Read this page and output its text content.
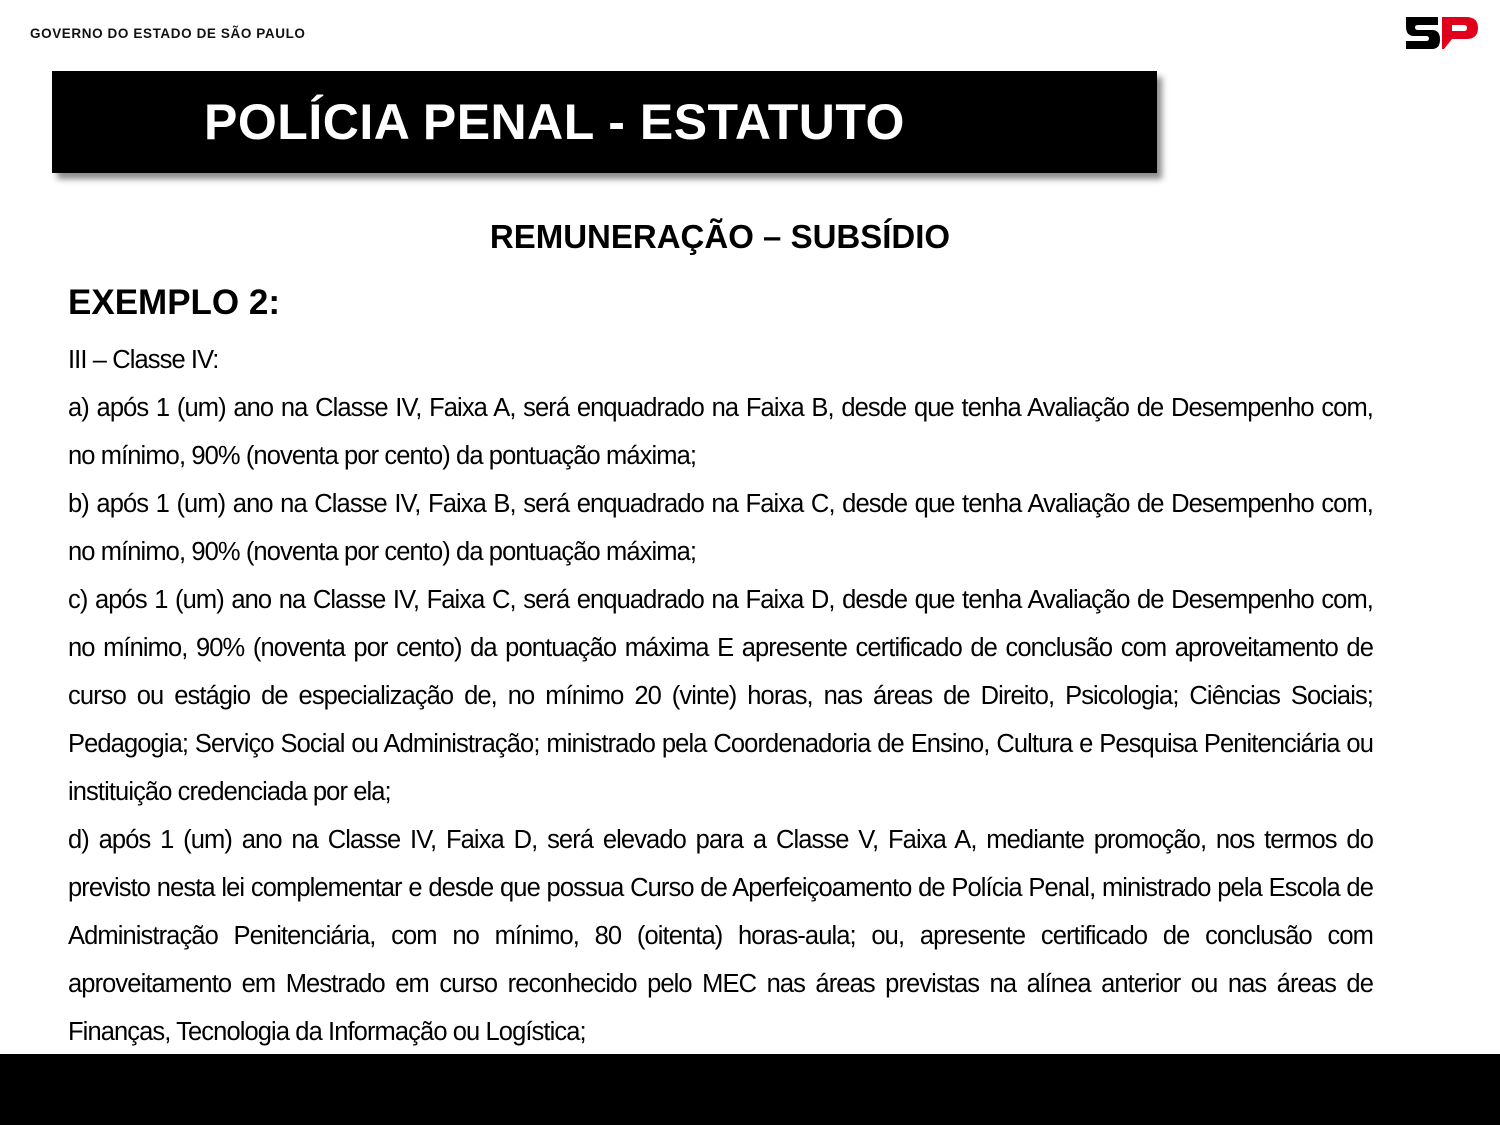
GOVERNO DO ESTADO DE SÃO PAULO
POLÍCIA PENAL - ESTATUTO
REMUNERAÇÃO – SUBSÍDIO
EXEMPLO 2:

III – Classe IV:

a) após 1 (um) ano na Classe IV, Faixa A, será enquadrado na Faixa B, desde que tenha Avaliação de Desempenho com, no mínimo, 90% (noventa por cento) da pontuação máxima;

b) após 1 (um) ano na Classe IV, Faixa B, será enquadrado na Faixa C, desde que tenha Avaliação de Desempenho com, no mínimo, 90% (noventa por cento) da pontuação máxima;

c) após 1 (um) ano na Classe IV, Faixa C, será enquadrado na Faixa D, desde que tenha Avaliação de Desempenho com, no mínimo, 90% (noventa por cento) da pontuação máxima E apresente certificado de conclusão com aproveitamento de curso ou estágio de especialização de, no mínimo 20 (vinte) horas, nas áreas de Direito, Psicologia; Ciências Sociais; Pedagogia; Serviço Social ou Administração; ministrado pela Coordenadoria de Ensino, Cultura e Pesquisa Penitenciária ou instituição credenciada por ela;

d) após 1 (um) ano na Classe IV, Faixa D, será elevado para a Classe V, Faixa A, mediante promoção, nos termos do previsto nesta lei complementar e desde que possua Curso de Aperfeiçoamento de Polícia Penal, ministrado pela Escola de Administração Penitenciária, com no mínimo, 80 (oitenta) horas-aula; ou, apresente certificado de conclusão com aproveitamento em Mestrado em curso reconhecido pelo MEC nas áreas previstas na alínea anterior ou nas áreas de Finanças, Tecnologia da Informação ou Logística;
